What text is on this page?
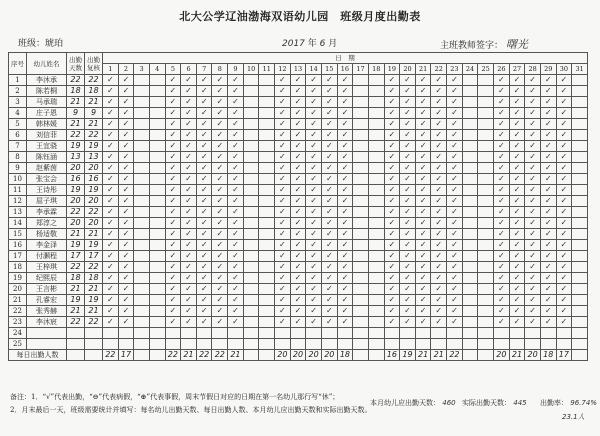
北大公学辽油渤海双语幼儿园　班级月度出勤表
班级：琥珀	2017 年 6 月	主班教师签字： 曙光
序号	幼儿姓名	出勤天数	出勤复核	日　期																														
				1	2	3	4	5	6	7	8	9	10	11	12	13	14	15	16	17	18	19	20	21	22	23	24	25	26	27	28	29	30	31
1	李沐承	22	22	✓	✓			✓	✓	✓	✓	✓			✓	✓	✓	✓	✓			✓	✓	✓	✓	✓			✓	✓	✓	✓	✓	
2	陈若桐	18	18	✓	✓			✓	✓	✓	✓	✓			✓	✓	✓	✓	✓			✓	✓	✓	✓	✓			✓	✓	✓	✓	✓	
3	马承瑞	21	21	✓	✓			✓	✓	✓	✓	✓			✓	✓	✓	✓	✓			✓	✓	✓	✓	✓			✓	✓	✓	✓	✓	
4	庄子恩	9	9	✓	✓			✓	✓	✓	✓	✓			✓	✓	✓	✓	✓			✓	✓	✓	✓	✓			✓	✓	✓	✓	✓	
5	韩林媛	21	21	✓	✓			✓	✓	✓	✓	✓			✓	✓	✓	✓	✓			✓	✓	✓	✓	✓			✓	✓	✓	✓	✓	
6	刘信菲	22	22	✓	✓			✓	✓	✓	✓	✓			✓	✓	✓	✓	✓			✓	✓	✓	✓	✓			✓	✓	✓	✓	✓	
7	王宜骁	19	19	✓	✓			✓	✓	✓	✓	✓			✓	✓	✓	✓	✓			✓	✓	✓	✓	✓			✓	✓	✓	✓	✓	
8	陈钰涵	13	13	✓	✓			✓	✓	✓	✓	✓			✓	✓	✓	✓	✓			✓	✓	✓	✓	✓			✓	✓	✓	✓	✓	
9	赵紫茵	20	20	✓	✓			✓	✓	✓	✓	✓			✓	✓	✓	✓	✓			✓	✓	✓	✓	✓			✓	✓	✓	✓	✓	
10	张宝会	16	16	✓	✓			✓	✓	✓	✓	✓			✓	✓	✓	✓	✓			✓	✓	✓	✓	✓			✓	✓	✓	✓	✓	
11	王诗彤	19	19	✓	✓			✓	✓	✓	✓	✓			✓	✓	✓	✓	✓			✓	✓	✓	✓	✓			✓	✓	✓	✓	✓	
12	屈子琪	20	20	✓	✓			✓	✓	✓	✓	✓			✓	✓	✓	✓	✓			✓	✓	✓	✓	✓			✓	✓	✓	✓	✓	
13	李承霖	22	22	✓	✓			✓	✓	✓	✓	✓			✓	✓	✓	✓	✓			✓	✓	✓	✓	✓			✓	✓	✓	✓	✓	
14	郑淳之	20	20	✓	✓			✓	✓	✓	✓	✓			✓	✓	✓	✓	✓			✓	✓	✓	✓	✓			✓	✓	✓	✓	✓	
15	杨适敬	21	21	✓	✓			✓	✓	✓	✓	✓			✓	✓	✓	✓	✓			✓	✓	✓	✓	✓			✓	✓	✓	✓	✓	
16	李金泽	19	19	✓	✓			✓	✓	✓	✓	✓			✓	✓	✓	✓	✓			✓	✓	✓	✓	✓			✓	✓	✓	✓	✓	
17	付灏程	17	17	✓	✓			✓	✓	✓	✓	✓			✓	✓	✓	✓	✓			✓	✓	✓	✓	✓			✓	✓	✓	✓	✓	
18	王梓琪	22	22	✓	✓			✓	✓	✓	✓	✓			✓	✓	✓	✓	✓			✓	✓	✓	✓	✓			✓	✓	✓	✓	✓	
19	纪熙辰	18	18	✓	✓			✓	✓	✓	✓	✓			✓	✓	✓	✓	✓			✓	✓	✓	✓	✓			✓	✓	✓	✓	✓	
20	王言彬	21	21	✓	✓			✓	✓	✓	✓	✓			✓	✓	✓	✓	✓			✓	✓	✓	✓	✓			✓	✓	✓	✓	✓	
21	孔睿宏	19	19	✓	✓			✓	✓	✓	✓	✓			✓	✓	✓	✓	✓			✓	✓	✓	✓	✓			✓	✓	✓	✓	✓	
22	张秀赫	21	21	✓	✓			✓	✓	✓	✓	✓			✓	✓	✓	✓	✓			✓	✓	✓	✓	✓			✓	✓	✓	✓	✓	
23	李沐宸	22	22	✓	✓			✓	✓	✓	✓	✓			✓	✓	✓	✓	✓			✓	✓	✓	✓	✓			✓	✓	✓	✓	✓	
24																																		
25																																		
每日出勤人数				22	17			22	21	22	22	21			20	20	20	20	18			16	19	21	21	22			20	21	20	18	17	
备注：1．“√”代表出勤，“⊖”代表病假，“⊕”代表事假，周末节假日对应的日期在第一名幼儿那行写“休”；
2．月末最后一天，班级需要统计并填写：每名幼儿出勤天数、每日出勤人数、本月幼儿应出勤天数和实际出勤天数。
本月幼儿应出勤天数： 460 实际出勤天数： 445 出勤率： 96.74%
23.1人
